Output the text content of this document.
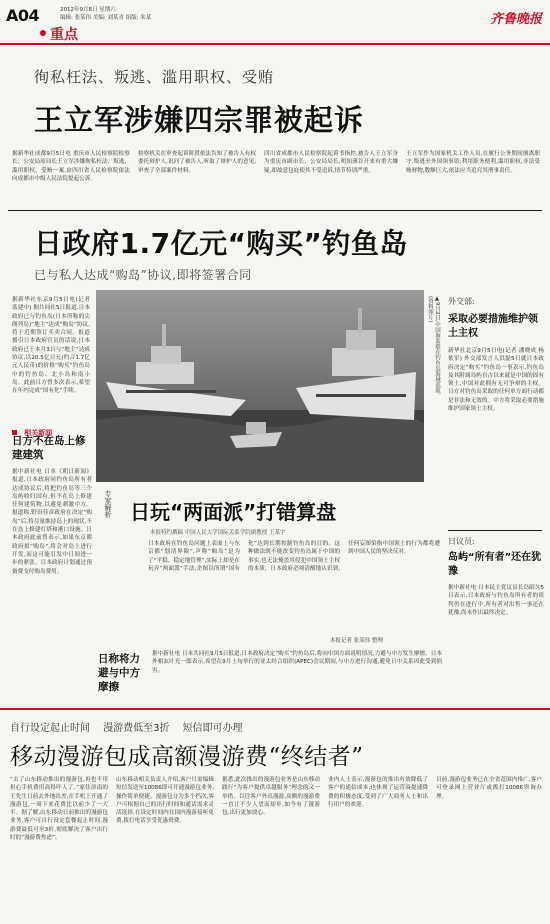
A04	2012年9月8日 星期六
编辑: 张某伟 美编: 刘某青 组版: 朱某
重点
齐鲁晚报
徇私枉法、叛逃、滥用职权、受贿
王立军涉嫌四宗罪被起诉
据新华社成都9月5日电 重庆市人民检察院检察长、公安局原局长王立军涉嫌徇私枉法、叛逃、滥用职权、受贿一案,由四川省人民检察院依法向成都市中级人民法院提起公诉。
检察机关在审查起诉阶段依法告知了被告人有权委托辩护人,讯问了被告人,听取了辩护人的意见,审查了全部案件材料。
四川省成都市人民检察院起诉书指控,被告人王立军身为重庆市副市长、公安局局长,明知薄谷开来有重大嫌疑,却故意包庇使其不受追诉,情节特别严重。
王立军作为国家机关工作人员,在履行公务期间擅离职守,叛逃至外国领事馆;利用职务便利,滥用职权,非法受贿财物,数额巨大,依法应当追究其刑事责任。
日政府1.7亿元“购买”钓鱼岛
已与私人达成“购岛”协议,即将签署合同
据新华社东京9月5日电(记者 蓝建中) 据共同社5日报道,日本政府已与钓鱼岛(日本所称的尖阁列岛)“地主”达成“购岛”协议,将于近期签订买卖合同。报道援引日本政府官员的话说,日本政府已于本月3日与“地主”达成协议,以20.5亿日元(约合1.7亿元人民币)的价格“购买”钓鱼岛中的钓鱼岛、北小岛和南小岛。此前日方曾多次表示,希望在年内完成“国有化”手续。	▲9月2日,中国海监船在钓鱼岛海域巡航。(资料照片)
相关新闻
日方不在岛上修建建筑
据中新社电 日本《朝日新闻》报道,日本政府同钓鱼岛所有者达成协议后,将把钓鱼岛等三个岛屿收归国有,但不在岛上修建任何建筑物,以避免刺激中方。报道称,野田佳彦政府在决定“购岛”后,将尽量维持岛上的现状,不在岛上修建灯塔和港口设施。日本政府此前曾表示,如果东京都政府拟“购岛”,将会对岛上进行开发,而这可能引发中日间进一步的紧张。日本政府计划通过预备费支付购岛费用。
外交部:
采取必要措施维护领土主权
新华社北京9月5日电(记者 潘晓成 杨依军) 外交部发言人洪磊5日就日本政府决定“购买”钓鱼岛一事表示,钓鱼岛及其附属岛屿自古以来就是中国的固有领土,中国对此拥有无可争辩的主权。日方对钓鱼岛采取的任何单方面行动都是非法和无效的。中方将采取必要措施维护国家领土主权。
日议员:
岛屿“所有者”还在犹豫
据中新社电 日本民主党议员长岛昭久5日表示,日本政府与钓鱼岛所有者的谈判仍在进行中,所有者对出售一事还在犹豫,尚未作出最终决定。
专家解析 日玩“两面派”打错算盘
本报特约撰稿 中国人民大学国际关系学院副教授 王某宇
日本政府在钓鱼岛问题上表面上与东京都“划清界限”,声称“购岛”是为了“平稳、稳定地管理”,实际上却是在玩弄“两面派”手法,企图以所谓“国有化”达到长期控制钓鱼岛的目的。这种做法既不能改变钓鱼岛属于中国的事实,也无法掩盖其侵犯中国领土主权的本质。日本政府必须清醒地认识到,任何妄图染指中国领土的行为都将遭到中国人民的坚决反对。
本报记者 张某伟 整理
日称将力避与中方摩擦
据中新社电 日本共同社9月5日报道,日本政府决定“购买”钓鱼岛后,将向中国方面说明情况,力避与中方发生摩擦。日本外相玄叶光一郎表示,希望在9月上旬举行的亚太经合组织(APEC)会议期间,与中方进行沟通,避免日中关系因此受到损害。
自行设定起止时间 漫游费低至3折 短信即可办理
移动漫游包成高额漫游费“终结者”
“去了山东移动推出的漫游包,再也不用担心手机费用高得吓人了。”家住济南的王先生日前去外地出差,在手机上开通了漫游包,一周下来花费比以前少了一大半。据了解,山东移动日前推出的漫游包业务,客户可自行设定套餐起止时间,漫游费最低可至3折,彻底解决了客户出行时的“漫游费焦虑”。
山东移动相关负责人介绍,客户只需编辑短信发送至10086即可开通漫游包业务,操作简单便捷。漫游包分为多个档次,客户可根据自己的出行时间和通话需求灵活选择,在设定时间内在国内漫游接听免费,拨打电话享受优惠资费。
据悉,此次推出的漫游包业务是山东移动践行“为客户提供卓越服务”理念的又一举措。以往客户外出漫游,高额的漫游费一直让不少人望而却步,如今有了漫游包,出行更加放心。
业内人士表示,漫游包的推出有效降低了客户的通信成本,也体现了运营商提速降费的积极态度,受到了广大商务人士和出行用户的欢迎。
目前,漫游包业务已在全省范围内推广,客户可登录网上营业厅或拨打10086咨询办理。
